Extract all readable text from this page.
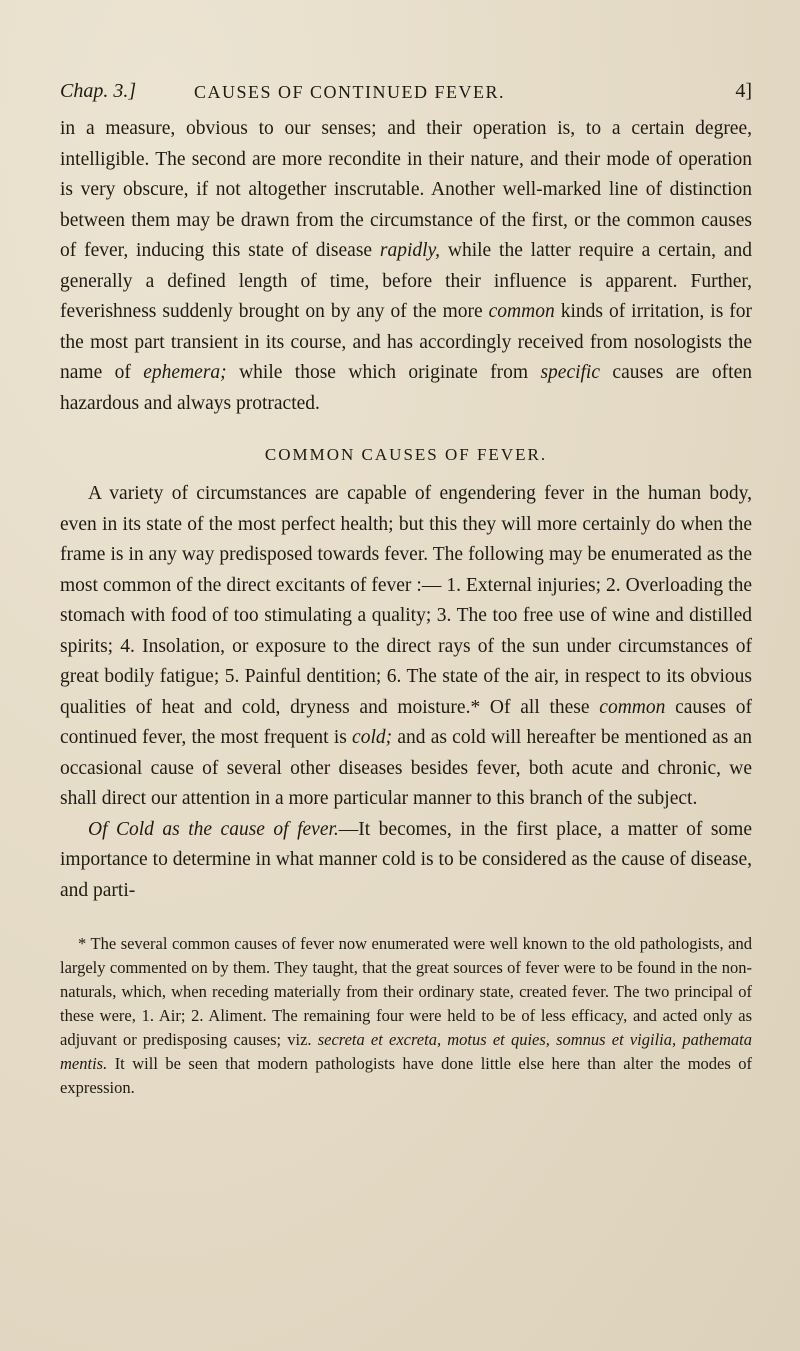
Chap. 3.]	CAUSES OF CONTINUED FEVER.	4]

in a measure, obvious to our senses; and their operation is, to a certain degree, intelligible. The second are more recondite in their nature, and their mode of operation is very obscure, if not altogether inscrutable. Another well-marked line of distinction between them may be drawn from the circumstance of the first, or the common causes of fever, inducing this state of disease rapidly, while the latter require a certain, and generally a defined length of time, before their influence is apparent. Further, feverishness suddenly brought on by any of the more common kinds of irritation, is for the most part transient in its course, and has accordingly received from nosologists the name of ephemera; while those which originate from specific causes are often hazardous and always protracted.

COMMON CAUSES OF FEVER.

A variety of circumstances are capable of engendering fever in the human body, even in its state of the most perfect health; but this they will more certainly do when the frame is in any way predisposed towards fever. The following may be enumerated as the most common of the direct excitants of fever :— 1. External injuries; 2. Overloading the stomach with food of too stimulating a quality; 3. The too free use of wine and distilled spirits; 4. Insolation, or exposure to the direct rays of the sun under circumstances of great bodily fatigue; 5. Painful dentition; 6. The state of the air, in respect to its obvious qualities of heat and cold, dryness and moisture.* Of all these common causes of continued fever, the most frequent is cold; and as cold will hereafter be mentioned as an occasional cause of several other diseases besides fever, both acute and chronic, we shall direct our attention in a more particular manner to this branch of the subject.

Of Cold as the cause of fever.—It becomes, in the first place, a matter of some importance to determine in what manner cold is to be considered as the cause of disease, and parti-

* The several common causes of fever now enumerated were well known to the old pathologists, and largely commented on by them. They taught, that the great sources of fever were to be found in the non-naturals, which, when receding materially from their ordinary state, created fever. The two principal of these were, 1. Air; 2. Aliment. The remaining four were held to be of less efficacy, and acted only as adjuvant or predisposing causes; viz. secreta et excreta, motus et quies, somnus et vigilia, pathemata mentis. It will be seen that modern pathologists have done little else here than alter the modes of expression.
